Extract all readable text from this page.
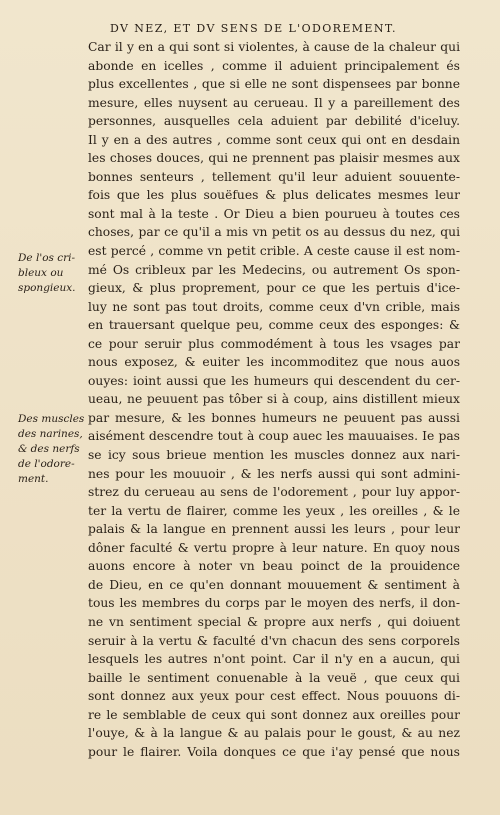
DV NEZ, ET DV SENS DE L'ODOREMENT.
De l'os cri-
bleux ou
spongieux.
Des muscles
des narines,
& des nerfs
de l'odore-
ment.
Car il y en a qui sont si violentes, à cause de la chaleur qui
abonde en icelles , comme il aduient principalement és
plus excellentes , que si elle ne sont dispensees par bonne
mesure, elles nuysent au cerueau. Il y a pareillement des
personnes, ausquelles cela aduient par debilité d'iceluy.
Il y en a des autres , comme sont ceux qui ont en desdain
les choses douces, qui ne prennent pas plaisir mesmes aux
bonnes senteurs , tellement qu'il leur aduient souuente-
fois que les plus souëfues & plus delicates mesmes leur
sont mal à la teste . Or Dieu a bien pourueu à toutes ces
choses, par ce qu'il a mis vn petit os au dessus du nez, qui
est percé , comme vn petit crible. A ceste cause il est nom-
mé Os cribleux par les Medecins, ou autrement Os spon-
gieux, & plus proprement, pour ce que les pertuis d'ice-
luy ne sont pas tout droits, comme ceux d'vn crible, mais
en trauersant quelque peu, comme ceux des esponges: &
ce pour seruir plus commodément à tous les vsages par
nous exposez, & euiter les incommoditez que nous auos
ouyes: ioint aussi que les humeurs qui descendent du cer-
ueau, ne peuuent pas tôber si à coup, ains distillent mieux
par mesure, & les bonnes humeurs ne peuuent pas aussi
aisément descendre tout à coup auec les mauuaises. Ie pas
se icy sous brieue mention les muscles donnez aux nari-
nes pour les mouuoir , & les nerfs aussi qui sont admini-
strez du cerueau au sens de l'odorement , pour luy appor-
ter la vertu de flairer, comme les yeux , les oreilles , & le
palais & la langue en prennent aussi les leurs , pour leur
dôner faculté & vertu propre à leur nature. En quoy nous
auons encore à noter vn beau poinct de la prouidence
de Dieu, en ce qu'en donnant mouuement & sentiment à
tous les membres du corps par le moyen des nerfs, il don-
ne vn sentiment special & propre aux nerfs , qui doiuent
seruir à la vertu & faculté d'vn chacun des sens corporels
lesquels les autres n'ont point. Car il n'y en a aucun, qui
baille le sentiment conuenable à la veuë , que ceux qui
sont donnez aux yeux pour cest effect. Nous pouuons di-
re le semblable de ceux qui sont donnez aux oreilles pour
l'ouye, & à la langue & au palais pour le goust, & au nez
pour le flairer. Voila donques ce que i'ay pensé que nous
